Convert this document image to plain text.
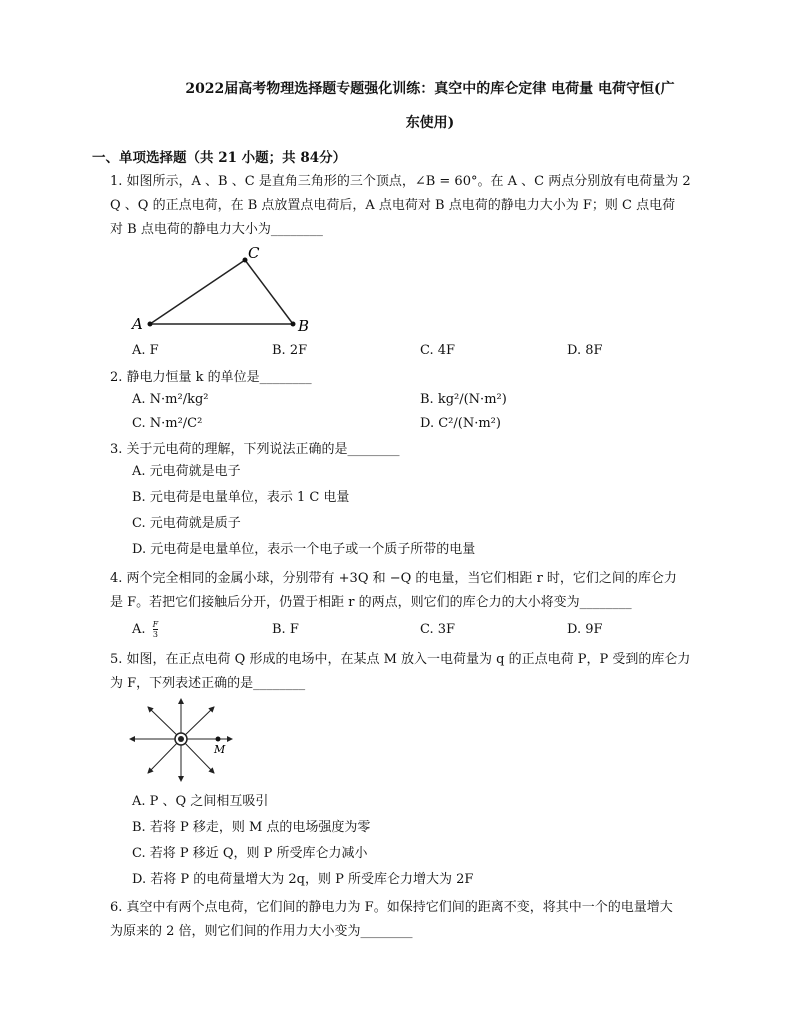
2022届高考物理选择题专题强化训练：真空中的库仑定律 电荷量 电荷守恒(广
东使用)
一、单项选择题（共 21 小题；共 84分）
1. 如图所示，A 、B 、C 是直角三角形的三个顶点，∠B = 60°。在 A 、C 两点分别放有电荷量为 2
Q 、Q 的正点电荷，在 B 点放置点电荷后，A 点电荷对 B 点电荷的静电力大小为 F；则 C 点电荷
对 B 点电荷的静电力大小为________
A	B
C
A. F	B. 2F	C. 4F	D. 8F
2. 静电力恒量 k 的单位是________
A. N·m²/kg²	B. kg²/(N·m²)
C. N·m²/C²	D. C²/(N·m²)
3. 关于元电荷的理解，下列说法正确的是________
A. 元电荷就是电子
B. 元电荷是电量单位，表示 1 C 电量
C. 元电荷就是质子
D. 元电荷是电量单位，表示一个电子或一个质子所带的电量
4. 两个完全相同的金属小球，分别带有 +3Q 和 −Q 的电量，当它们相距 r 时，它们之间的库仑力
是 F。若把它们接触后分开，仍置于相距 r 的两点，则它们的库仑力的大小将变为________
A. $\frac{F}{3}$	B. F	C. 3F	D. 9F
5. 如图，在正点电荷 Q 形成的电场中，在某点 M 放入一电荷量为 q 的正点电荷 P，P 受到的库仑力
为 F，下列表述正确的是________
M
A. P 、Q 之间相互吸引
B. 若将 P 移走，则 M 点的电场强度为零
C. 若将 P 移近 Q，则 P 所受库仑力减小
D. 若将 P 的电荷量增大为 2q，则 P 所受库仑力增大为 2F
6. 真空中有两个点电荷，它们间的静电力为 F。如保持它们间的距离不变，将其中一个的电量增大
为原来的 2 倍，则它们间的作用力大小变为________
